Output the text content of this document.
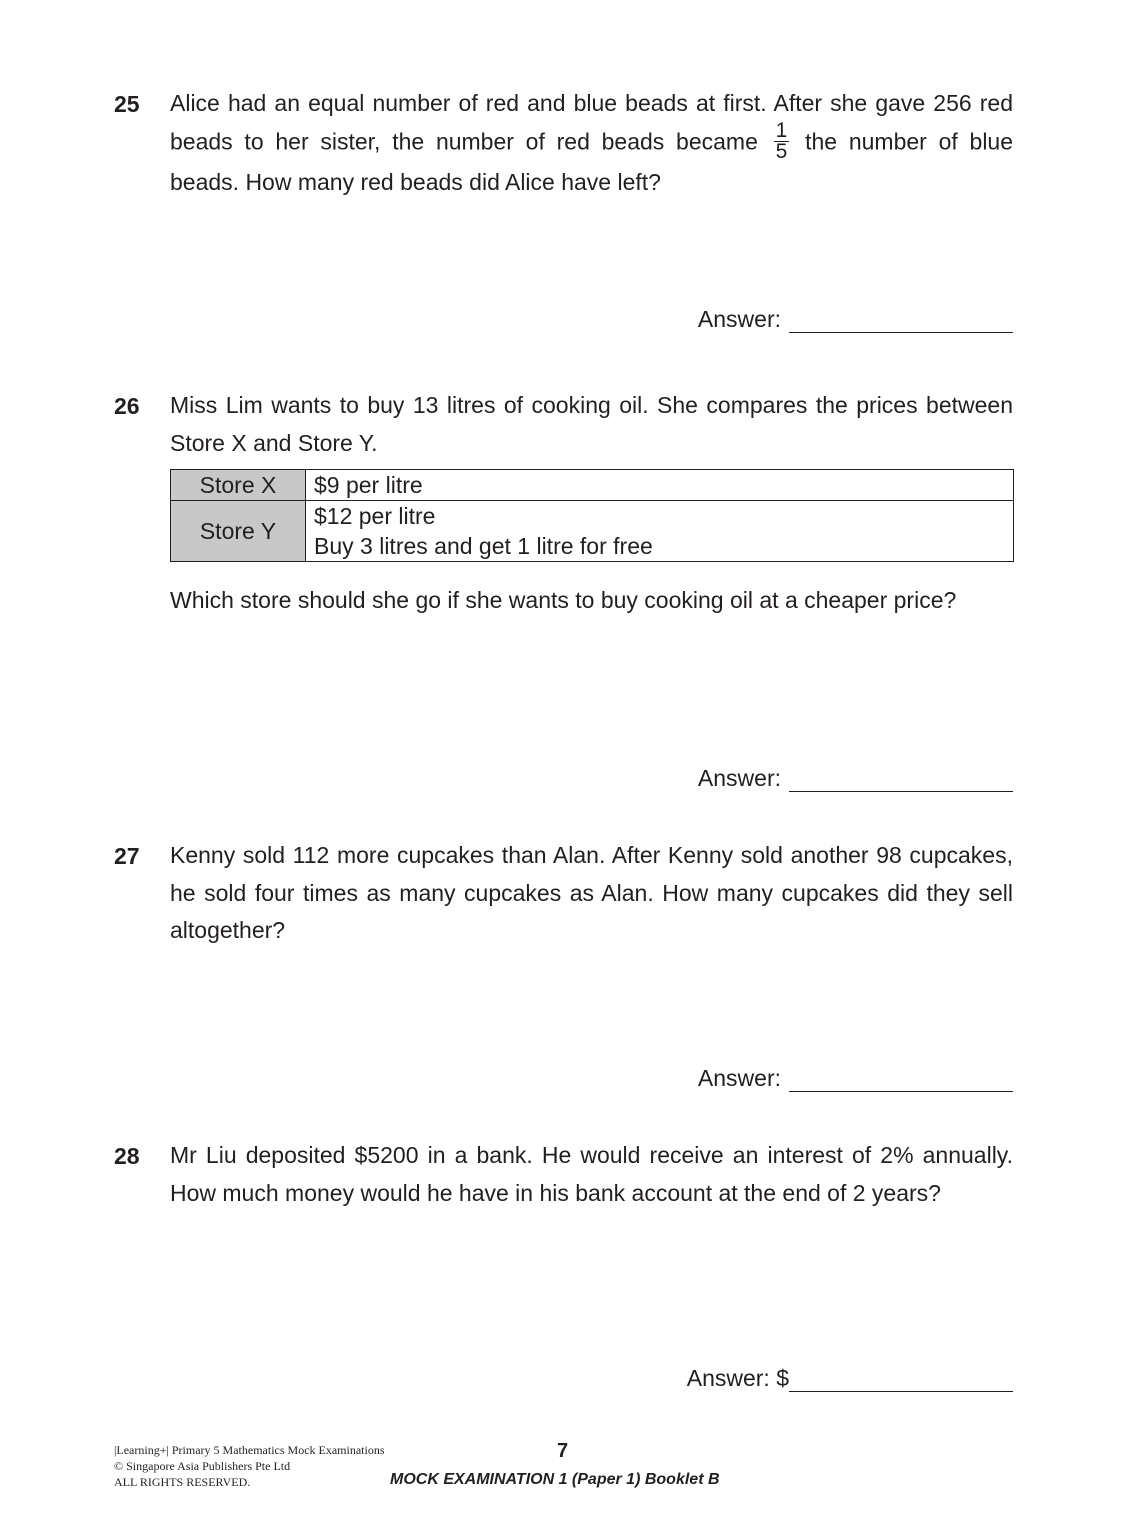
25 Alice had an equal number of red and blue beads at first. After she gave 256 red beads to her sister, the number of red beads became $\frac{1}{5}$ the number of blue beads. How many red beads did Alice have left?
Answer:
26 Miss Lim wants to buy 13 litres of cooking oil. She compares the prices between Store X and Store Y.
Store X	$9 per litre

Store Y	$12 per litre
Buy 3 litres and get 1 litre for free
Which store should she go if she wants to buy cooking oil at a cheaper price?
Answer:
27 Kenny sold 112 more cupcakes than Alan. After Kenny sold another 98 cupcakes, he sold four times as many cupcakes as Alan. How many cupcakes did they sell altogether?
Answer:
28 Mr Liu deposited $5200 in a bank. He would receive an interest of 2% annually. How much money would he have in his bank account at the end of 2 years?
Answer: $
|Learning+| Primary 5 Mathematics Mock Examinations
© Singapore Asia Publishers Pte Ltd
ALL RIGHTS RESERVED.
7
MOCK EXAMINATION 1 (Paper 1) Booklet B
